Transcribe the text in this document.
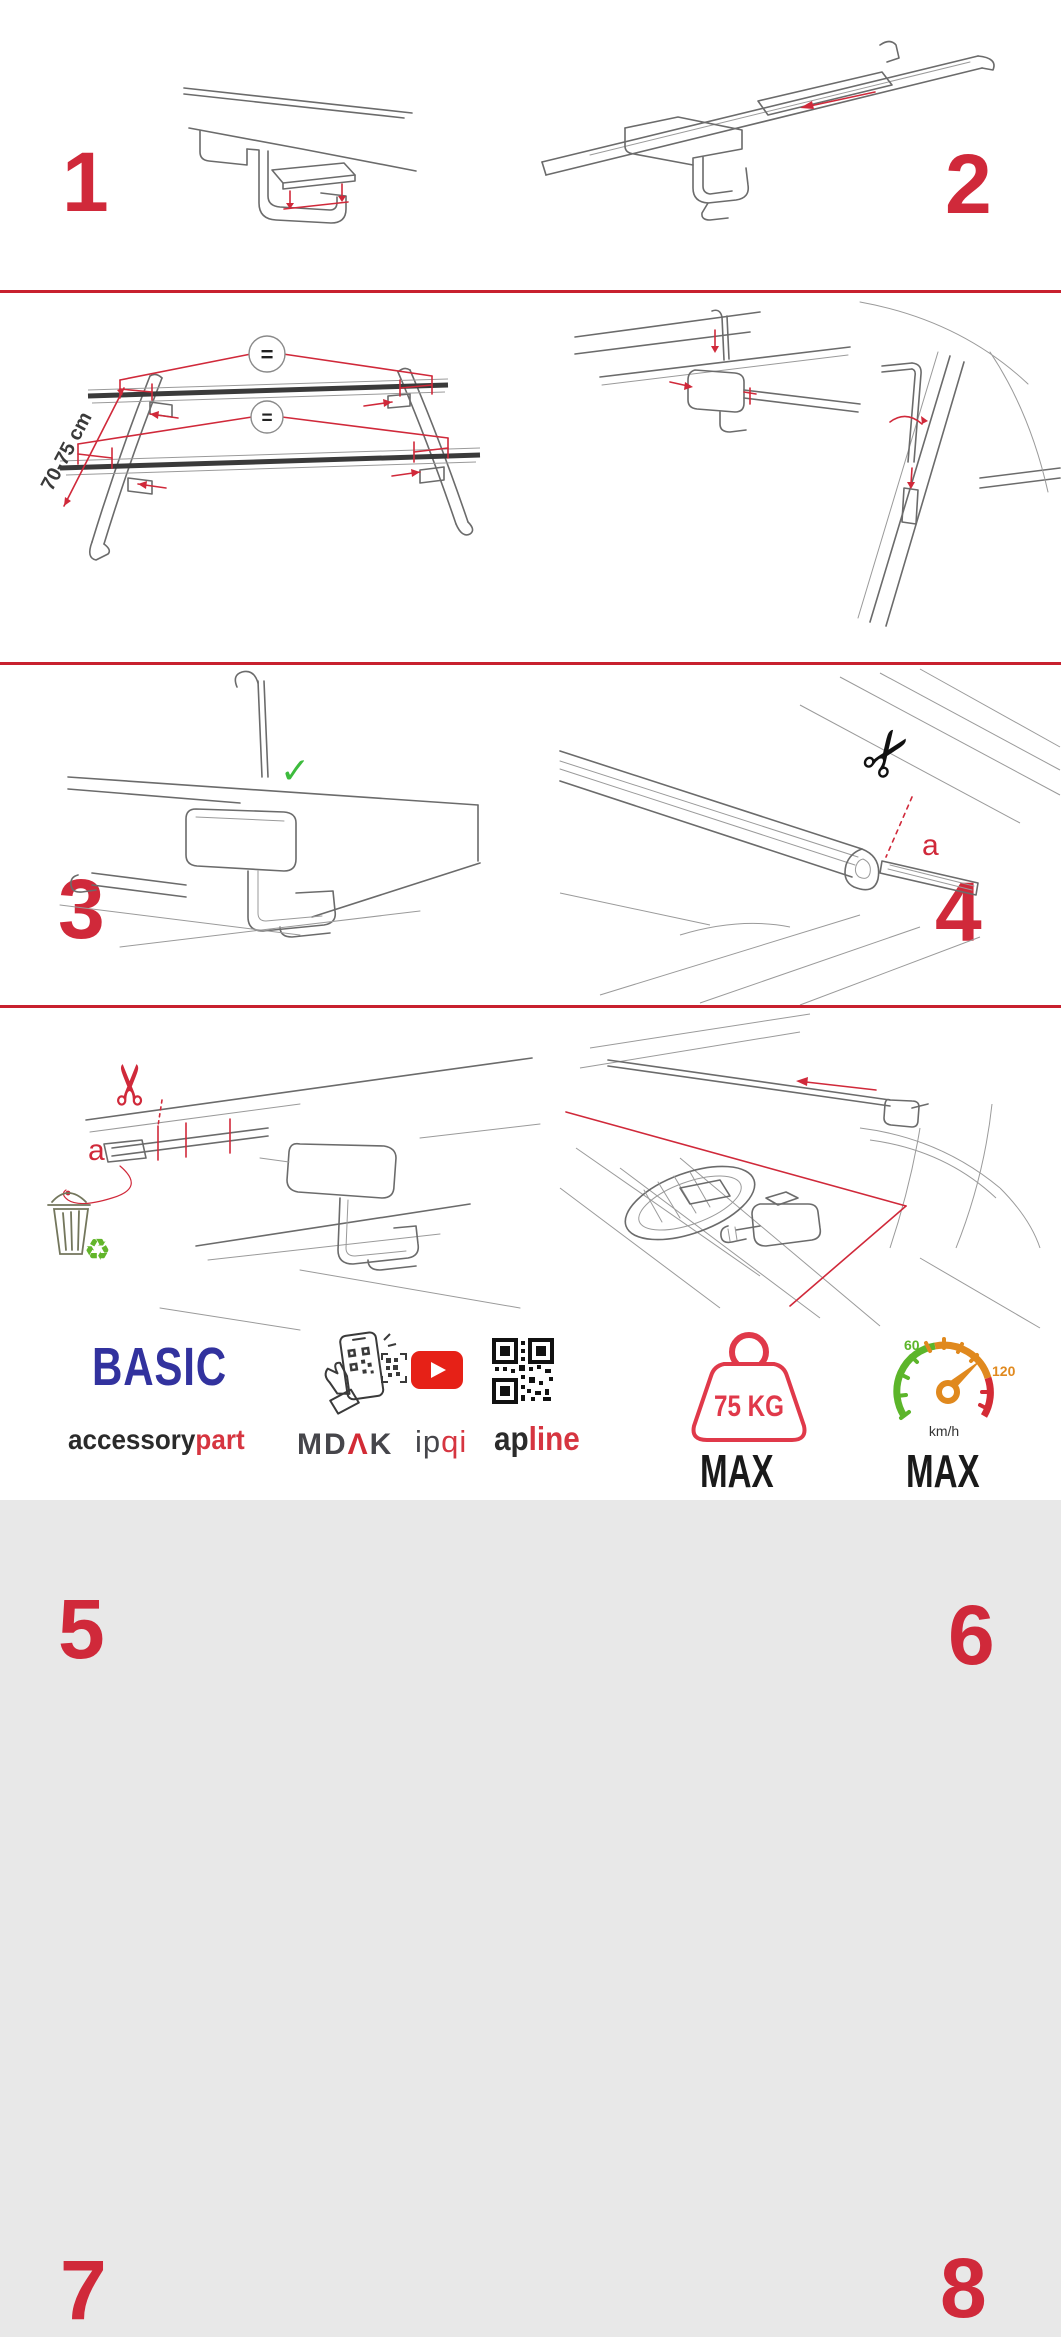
1	2
=
=
70-75 cm
3	4
✓
5
✂
a
6
✂
a
♻
7	8
BASIC
accessorypart	MDΛK ipqi apline
75 KG
MAX
60
120
km/h
MAX
